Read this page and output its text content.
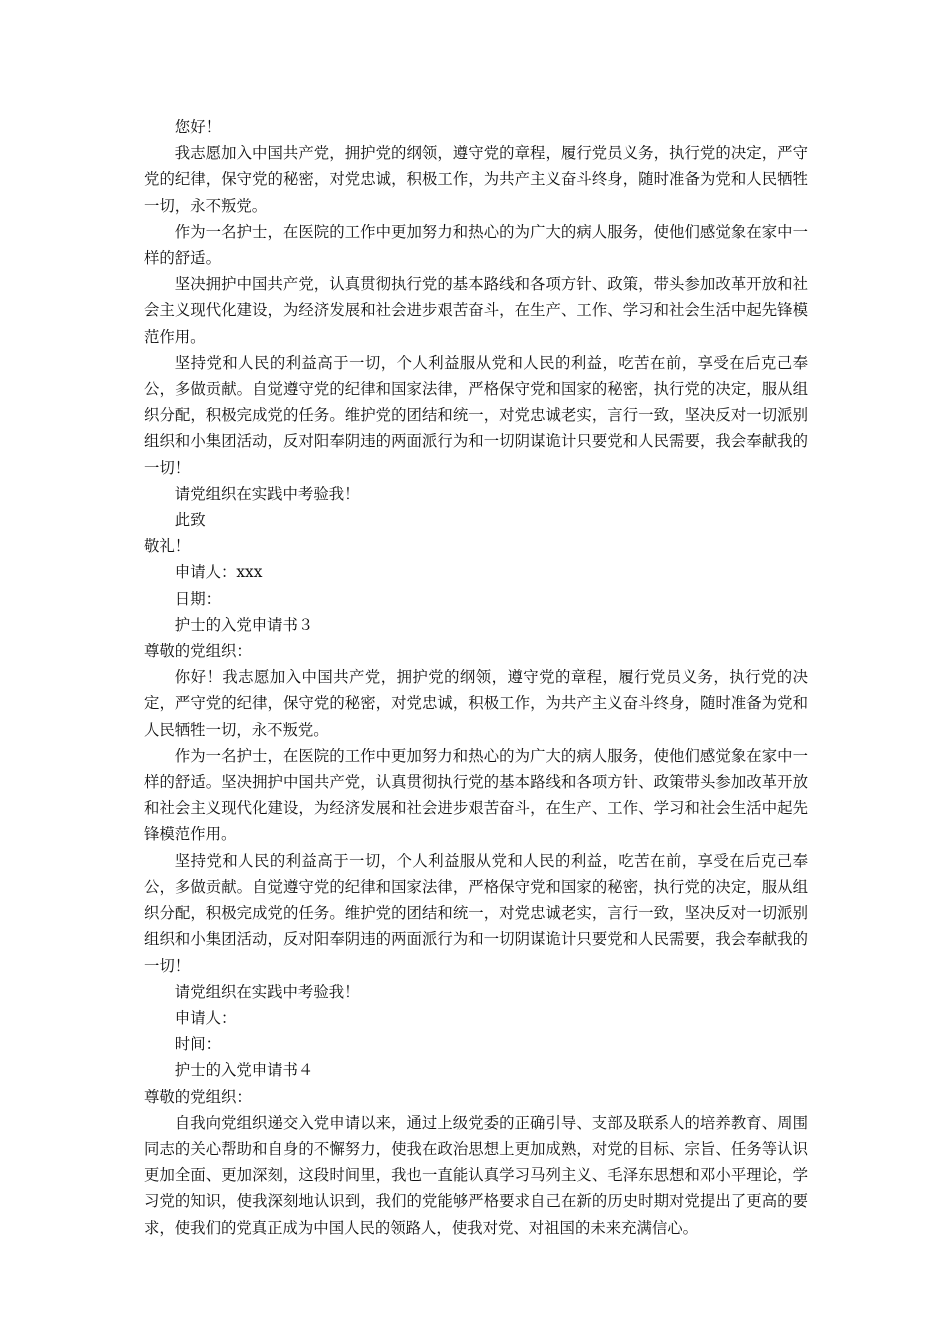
您好！

我志愿加入中国共产党，拥护党的纲领，遵守党的章程，履行党员义务，执行党的决定，严守党的纪律，保守党的秘密，对党忠诚，积极工作，为共产主义奋斗终身，随时准备为党和人民牺牲一切，永不叛党。

作为一名护士，在医院的工作中更加努力和热心的为广大的病人服务，使他们感觉象在家中一样的舒适。

坚决拥护中国共产党，认真贯彻执行党的基本路线和各项方针、政策，带头参加改革开放和社会主义现代化建设，为经济发展和社会进步艰苦奋斗，在生产、工作、学习和社会生活中起先锋模范作用。

坚持党和人民的利益高于一切，个人利益服从党和人民的利益，吃苦在前，享受在后克己奉公，多做贡献。自觉遵守党的纪律和国家法律，严格保守党和国家的秘密，执行党的决定，服从组织分配，积极完成党的任务。维护党的团结和统一，对党忠诚老实，言行一致，坚决反对一切派别组织和小集团活动，反对阳奉阴违的两面派行为和一切阴谋诡计只要党和人民需要，我会奉献我的一切！

请党组织在实践中考验我！

此致

敬礼！

申请人：xxx

日期：

护士的入党申请书３

尊敬的党组织：

你好！我志愿加入中国共产党，拥护党的纲领，遵守党的章程，履行党员义务，执行党的决定，严守党的纪律，保守党的秘密，对党忠诚，积极工作，为共产主义奋斗终身，随时准备为党和人民牺牲一切，永不叛党。

作为一名护士，在医院的工作中更加努力和热心的为广大的病人服务，使他们感觉象在家中一样的舒适。坚决拥护中国共产党，认真贯彻执行党的基本路线和各项方针、政策带头参加改革开放和社会主义现代化建设，为经济发展和社会进步艰苦奋斗，在生产、工作、学习和社会生活中起先锋模范作用。

坚持党和人民的利益高于一切，个人利益服从党和人民的利益，吃苦在前，享受在后克己奉公，多做贡献。自觉遵守党的纪律和国家法律，严格保守党和国家的秘密，执行党的决定，服从组织分配，积极完成党的任务。维护党的团结和统一，对党忠诚老实，言行一致，坚决反对一切派别组织和小集团活动，反对阳奉阴违的两面派行为和一切阴谋诡计只要党和人民需要，我会奉献我的一切！

请党组织在实践中考验我！

申请人：

时间：

护士的入党申请书４

尊敬的党组织：

自我向党组织递交入党申请以来，通过上级党委的正确引导、支部及联系人的培养教育、周围同志的关心帮助和自身的不懈努力，使我在政治思想上更加成熟，对党的目标、宗旨、任务等认识更加全面、更加深刻，这段时间里，我也一直能认真学习马列主义、毛泽东思想和邓小平理论，学习党的知识，使我深刻地认识到，我们的党能够严格要求自己在新的历史时期对党提出了更高的要求，使我们的党真正成为中国人民的领路人，使我对党、对祖国的未来充满信心。
